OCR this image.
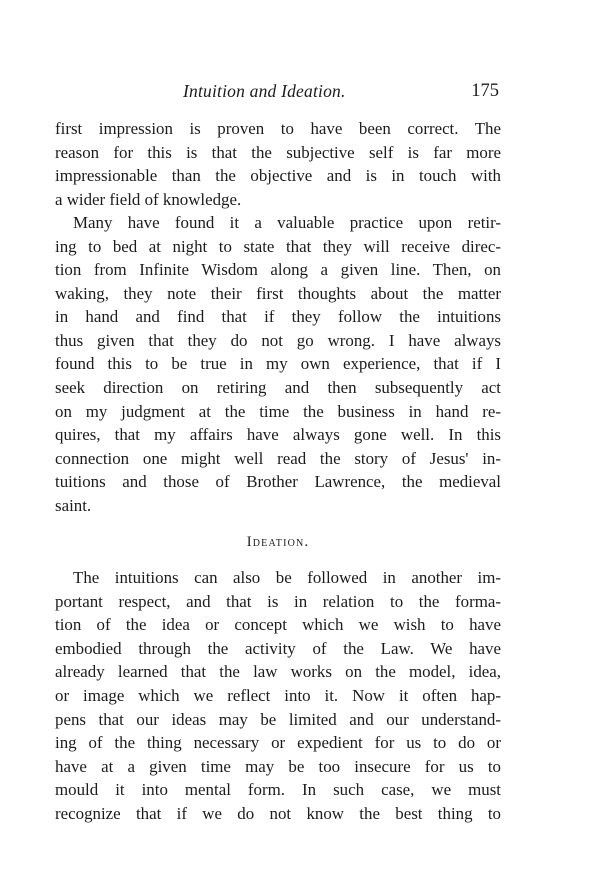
Intuition and Ideation.	175
first impression is proven to have been correct. The
reason for this is that the subjective self is far more
impressionable than the objective and is in touch with
a wider field of knowledge.
Many have found it a valuable practice upon retir-
ing to bed at night to state that they will receive direc-
tion from Infinite Wisdom along a given line. Then, on
waking, they note their first thoughts about the matter
in hand and find that if they follow the intuitions
thus given that they do not go wrong. I have always
found this to be true in my own experience, that if I
seek direction on retiring and then subsequently act
on my judgment at the time the business in hand re-
quires, that my affairs have always gone well. In this
connection one might well read the story of Jesus' in-
tuitions and those of Brother Lawrence, the medieval
saint.
Ideation.
The intuitions can also be followed in another im-
portant respect, and that is in relation to the forma-
tion of the idea or concept which we wish to have
embodied through the activity of the Law. We have
already learned that the law works on the model, idea,
or image which we reflect into it. Now it often hap-
pens that our ideas may be limited and our understand-
ing of the thing necessary or expedient for us to do or
have at a given time may be too insecure for us to
mould it into mental form. In such case, we must
recognize that if we do not know the best thing to
